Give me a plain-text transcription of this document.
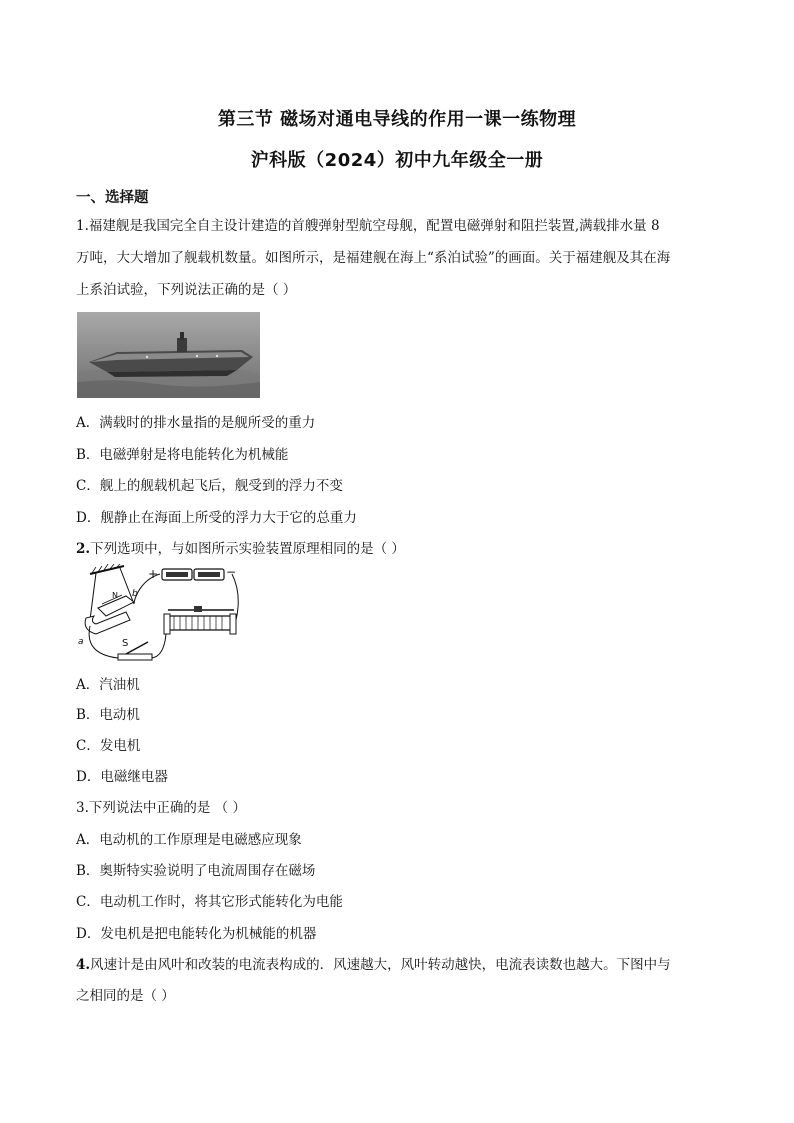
第三节 磁场对通电导线的作用一课一练物理
沪科版（2024）初中九年级全一册
一、选择题
1.福建舰是我国完全自主设计建造的首艘弹射型航空母舰，配置电磁弹射和阻拦装置,满载排水量 8
万吨，大大增加了舰载机数量。如图所示，是福建舰在海上“系泊试验”的画面。关于福建舰及其在海
上系泊试验，下列说法正确的是（ ）
A．满载时的排水量指的是舰所受的重力
B．电磁弹射是将电能转化为机械能
C．舰上的舰载机起飞后，舰受到的浮力不变
D．舰静止在海面上所受的浮力大于它的总重力
2.下列选项中，与如图所示实验装置原理相同的是（ ）
N
a
b
+	−
S
A．汽油机
B．电动机
C．发电机
D．电磁继电器
3.下列说法中正确的是 （ ）
A．电动机的工作原理是电磁感应现象
B．奥斯特实验说明了电流周围存在磁场
C．电动机工作时，将其它形式能转化为电能
D．发电机是把电能转化为机械能的机器
4.风速计是由风叶和改装的电流表构成的．风速越大，风叶转动越快，电流表读数也越大。下图中与
之相同的是（ ）
